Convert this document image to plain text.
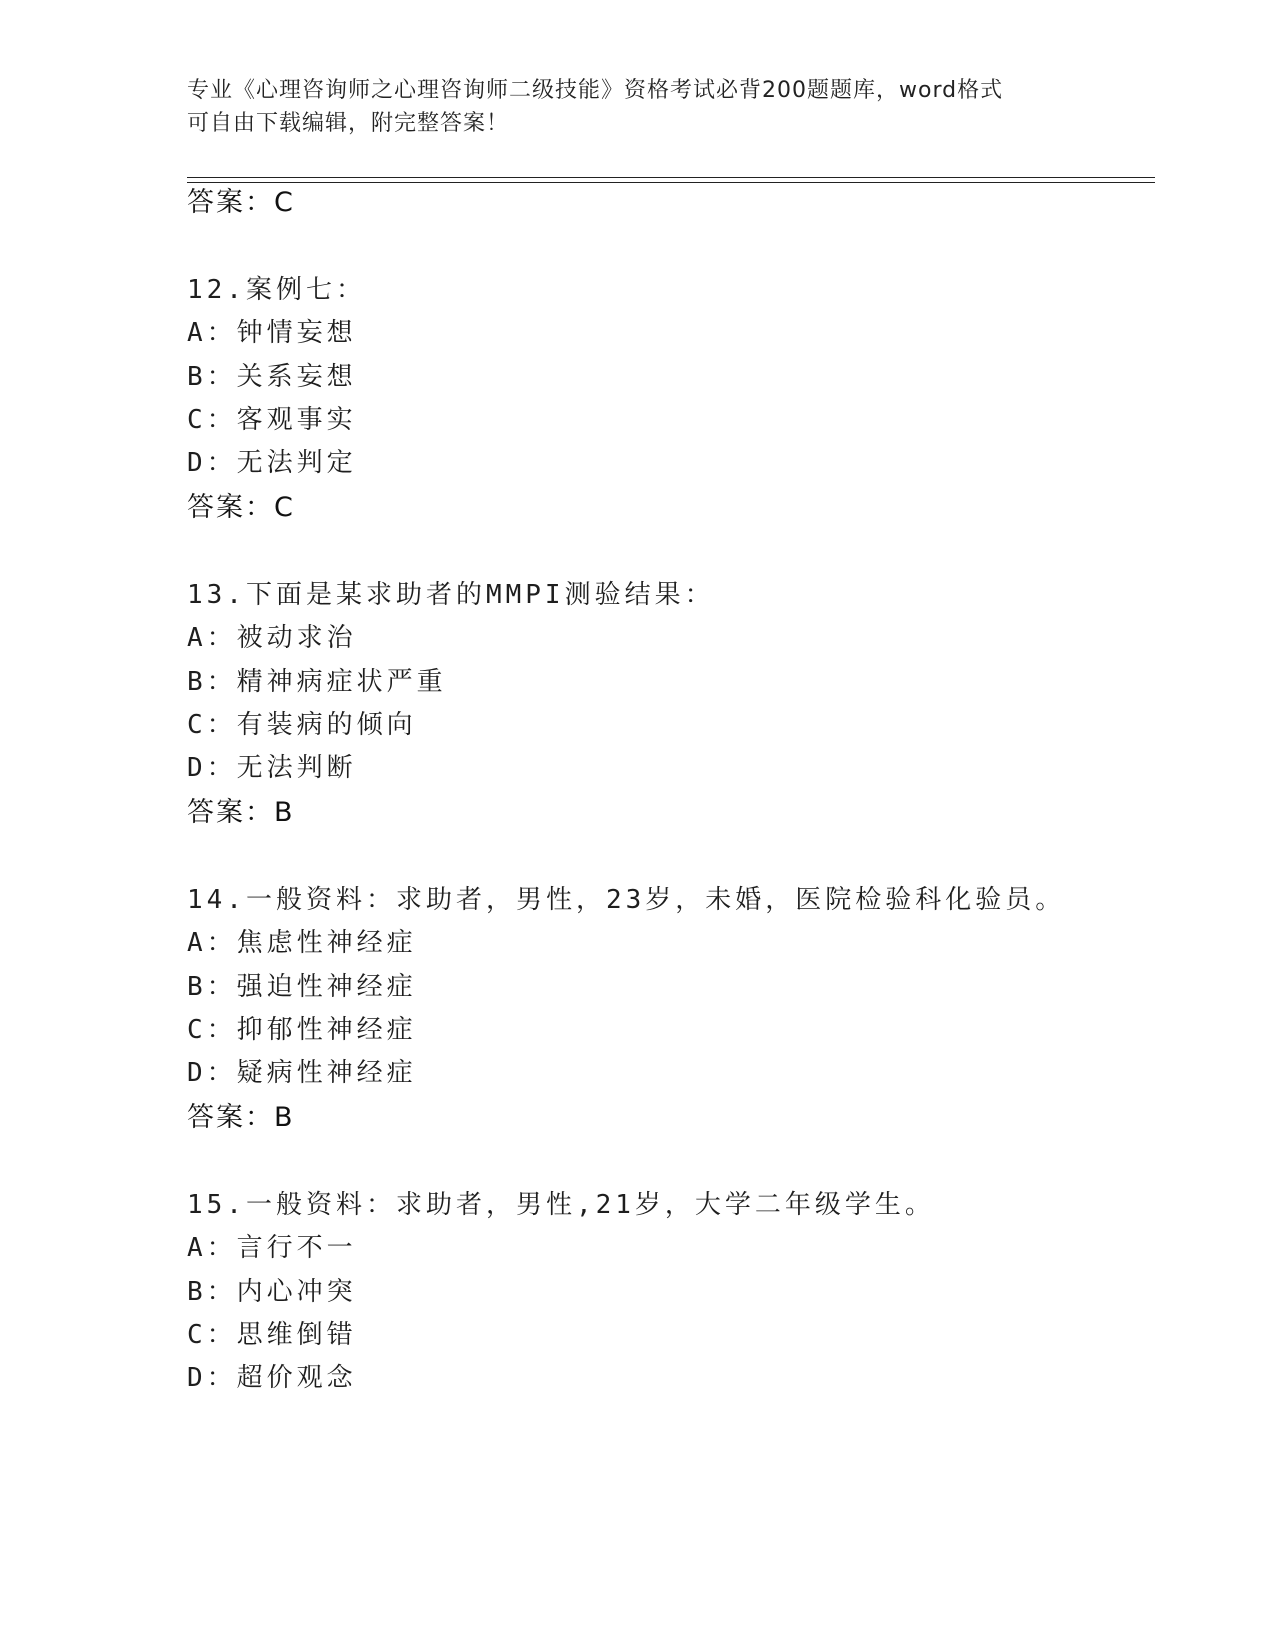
专业《心理咨询师之心理咨询师二级技能》资格考试必背200题题库，word格式
可自由下载编辑，附完整答案！
答案：C
12.案例七：
A：钟情妄想
B：关系妄想
C：客观事实
D：无法判定
答案：C
13.下面是某求助者的MMPI测验结果：
A：被动求治
B：精神病症状严重
C：有装病的倾向
D：无法判断
答案：B
14.一般资料：求助者，男性，23岁，未婚，医院检验科化验员。
A：焦虑性神经症
B：强迫性神经症
C：抑郁性神经症
D：疑病性神经症
答案：B
15.一般资料：求助者，男性,21岁，大学二年级学生。
A：言行不一
B：内心冲突
C：思维倒错
D：超价观念
